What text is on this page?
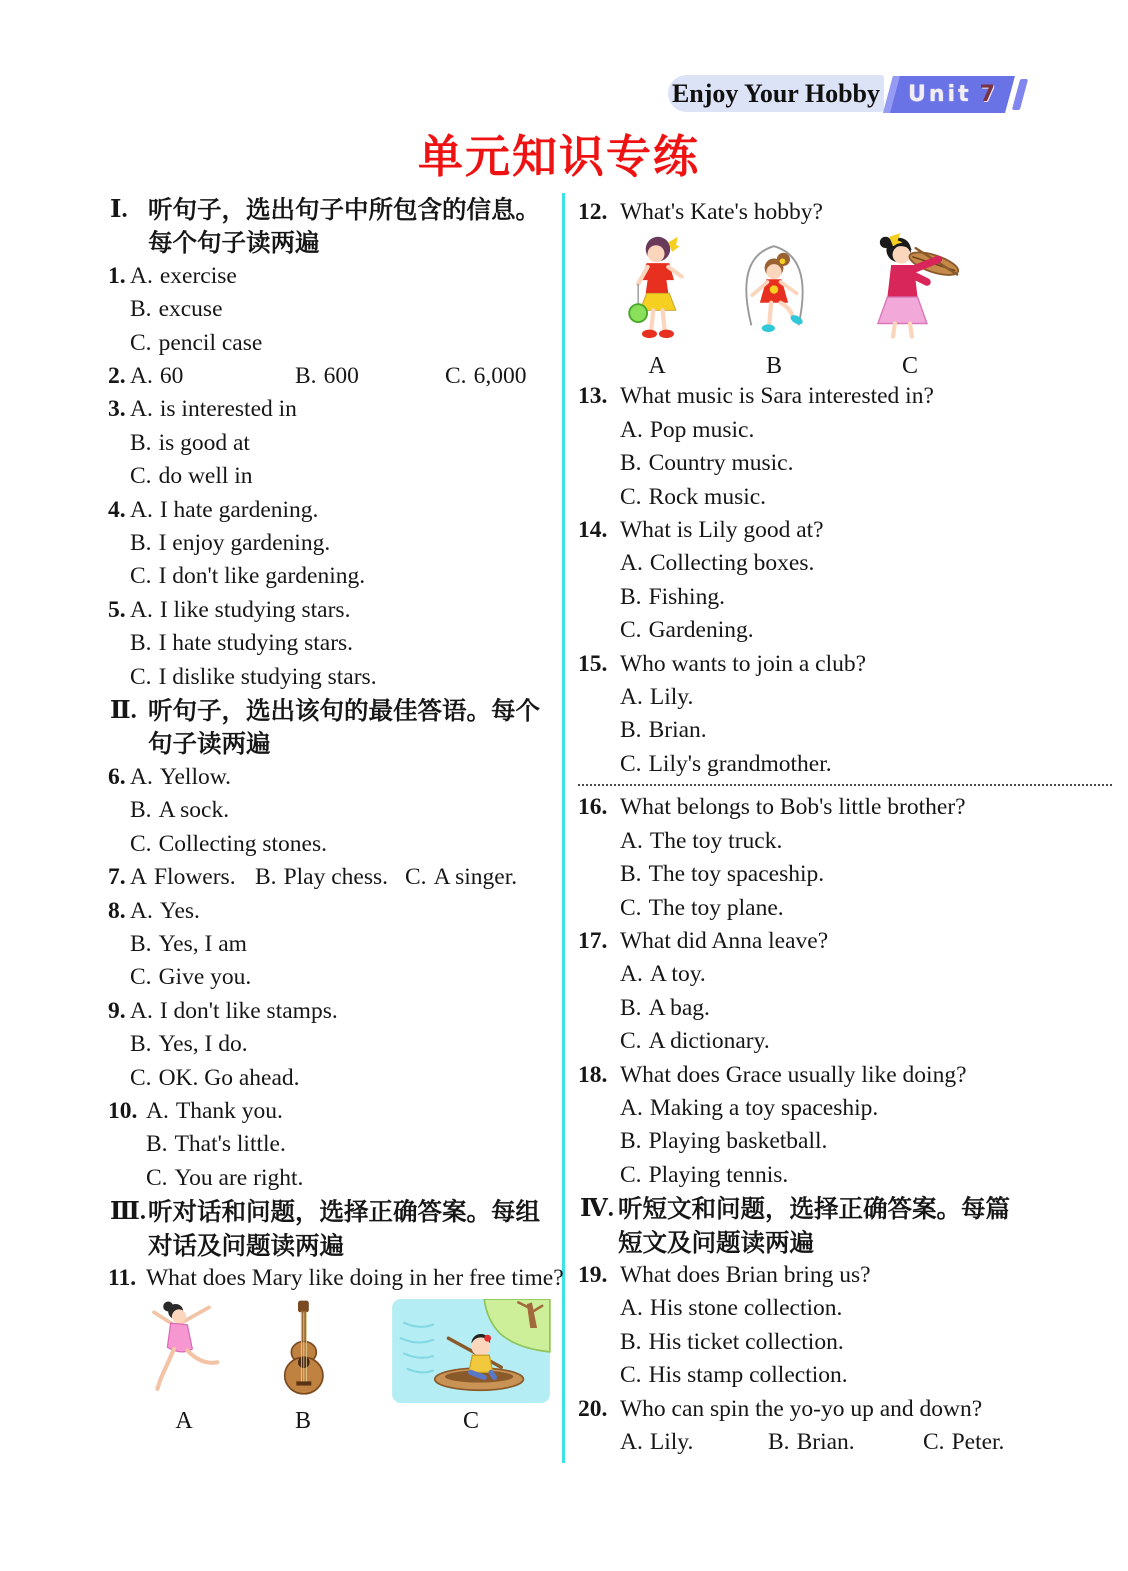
Enjoy Your Hobby Unit 7
单元知识专练
Ⅰ. 听句子，选出句子中所包含的信息。
每个句子读两遍
1. A. exercise
B. excuse
C. pencil case
2. A. 60	B. 600	C. 6,000
3. A. is interested in
B. is good at
C. do well in
4. A. I hate gardening.
B. I enjoy gardening.
C. I don't like gardening.
5. A. I like studying stars.
B. I hate studying stars.
C. I dislike studying stars.
Ⅱ. 听句子，选出该句的最佳答语。每个
句子读两遍
6. A. Yellow.
B. A sock.
C. Collecting stones.
7. A Flowers. B. Play chess. C. A singer.
8. A. Yes.
B. Yes, I am
C. Give you.
9. A. I don't like stamps.
B. Yes, I do.
C. OK. Go ahead.
10. A. Thank you.
B. That's little.
C. You are right.
Ⅲ. 听对话和问题，选择正确答案。每组
对话及问题读两遍
11. What does Mary like doing in her free time?
A	B	C
12. What's Kate's hobby?
A	B	C
13. What music is Sara interested in?
A. Pop music.
B. Country music.
C. Rock music.
14. What is Lily good at?
A. Collecting boxes.
B. Fishing.
C. Gardening.
15. Who wants to join a club?
A. Lily.
B. Brian.
C. Lily's grandmother.
16. What belongs to Bob's little brother?
A. The toy truck.
B. The toy spaceship.
C. The toy plane.
17. What did Anna leave?
A. A toy.
B. A bag.
C. A dictionary.
18. What does Grace usually like doing?
A. Making a toy spaceship.
B. Playing basketball.
C. Playing tennis.
Ⅳ. 听短文和问题，选择正确答案。每篇
短文及问题读两遍
19. What does Brian bring us?
A. His stone collection.
B. His ticket collection.
C. His stamp collection.
20. Who can spin the yo-yo up and down?
A. Lily.	B. Brian.	C. Peter.
